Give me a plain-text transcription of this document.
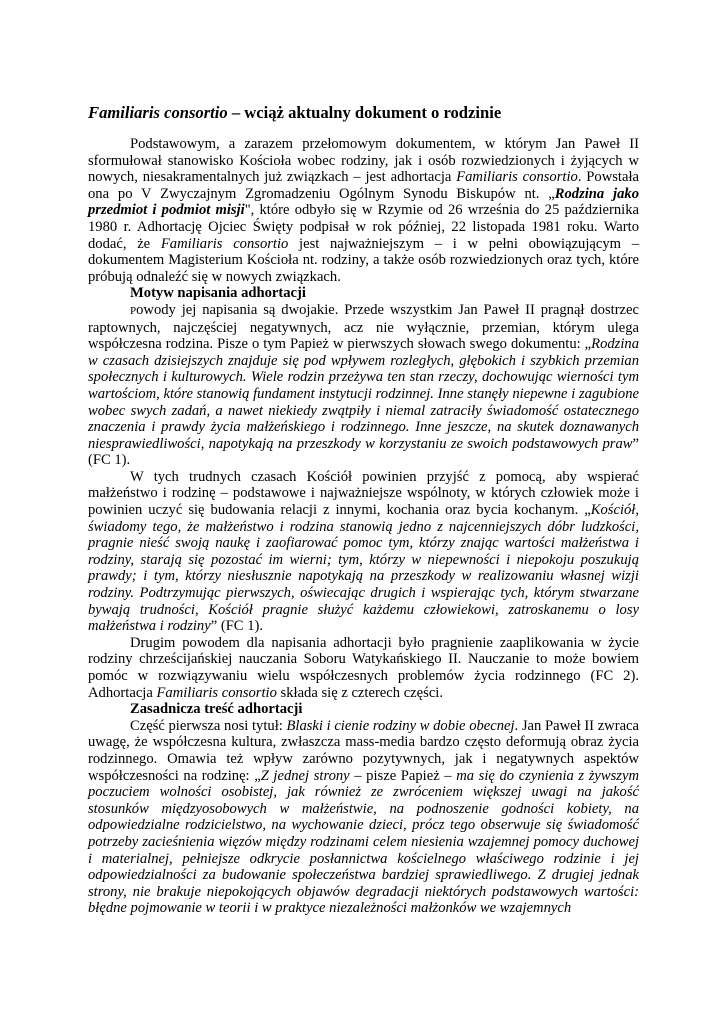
Familiaris consortio – wciąż aktualny dokument o rodzinie

Podstawowym, a zarazem przełomowym dokumentem, w którym Jan Paweł II sformułował stanowisko Kościoła wobec rodziny, jak i osób rozwiedzionych i żyjących w nowych, niesakramentalnych już związkach – jest adhortacja Familiaris consortio. Powstała ona po V Zwyczajnym Zgromadzeniu Ogólnym Synodu Biskupów nt. „Rodzina jako przedmiot i podmiot misji", które odbyło się w Rzymie od 26 września do 25 października 1980 r. Adhortację Ojciec Święty podpisał w rok później, 22 listopada 1981 roku. Warto dodać, że Familiaris consortio jest najważniejszym – i w pełni obowiązującym – dokumentem Magisterium Kościoła nt. rodziny, a także osób rozwiedzionych oraz tych, które próbują odnaleźć się w nowych związkach.

Motyw napisania adhortacji

Powody jej napisania są dwojakie. Przede wszystkim Jan Paweł II pragnął dostrzec raptownych, najczęściej negatywnych, acz nie wyłącznie, przemian, którym ulega współczesna rodzina. Pisze o tym Papież w pierwszych słowach swego dokumentu: „Rodzina w czasach dzisiejszych znajduje się pod wpływem rozległych, głębokich i szybkich przemian społecznych i kulturowych. Wiele rodzin przeżywa ten stan rzeczy, dochowując wierności tym wartościom, które stanowią fundament instytucji rodzinnej. Inne stanęły niepewne i zagubione wobec swych zadań, a nawet niekiedy zwątpiły i niemal zatraciły świadomość ostatecznego znaczenia i prawdy życia małżeńskiego i rodzinnego. Inne jeszcze, na skutek doznawanych niesprawiedliwości, napotykają na przeszkody w korzystaniu ze swoich podstawowych praw” (FC 1).

W tych trudnych czasach Kościół powinien przyjść z pomocą, aby wspierać małżeństwo i rodzinę – podstawowe i najważniejsze wspólnoty, w których człowiek może i powinien uczyć się budowania relacji z innymi, kochania oraz bycia kochanym. „Kościół, świadomy tego, że małżeństwo i rodzina stanowią jedno z najcenniejszych dóbr ludzkości, pragnie nieść swoją naukę i zaofiarować pomoc tym, którzy znając wartości małżeństwa i rodziny, starają się pozostać im wierni; tym, którzy w niepewności i niepokoju poszukują prawdy; i tym, którzy niesłusznie napotykają na przeszkody w realizowaniu własnej wizji rodziny. Podtrzymując pierwszych, oświecając drugich i wspierając tych, którym stwarzane bywają trudności, Kościół pragnie służyć każdemu człowiekowi, zatroskanemu o losy małżeństwa i rodziny” (FC 1).

Drugim powodem dla napisania adhortacji było pragnienie zaaplikowania w życie rodziny chrześcijańskiej nauczania Soboru Watykańskiego II. Nauczanie to może bowiem pomóc w rozwiązywaniu wielu współczesnych problemów życia rodzinnego (FC 2). Adhortacja Familiaris consortio składa się z czterech części.

Zasadnicza treść adhortacji

Część pierwsza nosi tytuł: Blaski i cienie rodziny w dobie obecnej. Jan Paweł II zwraca uwagę, że współczesna kultura, zwłaszcza mass-media bardzo często deformują obraz życia rodzinnego. Omawia też wpływ zarówno pozytywnych, jak i negatywnych aspektów współczesności na rodzinę: „Z jednej strony – pisze Papież – ma się do czynienia z żywszym poczuciem wolności osobistej, jak również ze zwróceniem większej uwagi na jakość stosunków międzyosobowych w małżeństwie, na podnoszenie godności kobiety, na odpowiedzialne rodzicielstwo, na wychowanie dzieci, prócz tego obserwuje się świadomość potrzeby zacieśnienia więzów między rodzinami celem niesienia wzajemnej pomocy duchowej i materialnej, pełniejsze odkrycie posłannictwa kościelnego właściwego rodzinie i jej odpowiedzialności za budowanie społeczeństwa bardziej sprawiedliwego. Z drugiej jednak strony, nie brakuje niepokojących objawów degradacji niektórych podstawowych wartości: błędne pojmowanie w teorii i w praktyce niezależności małżonków we wzajemnych
